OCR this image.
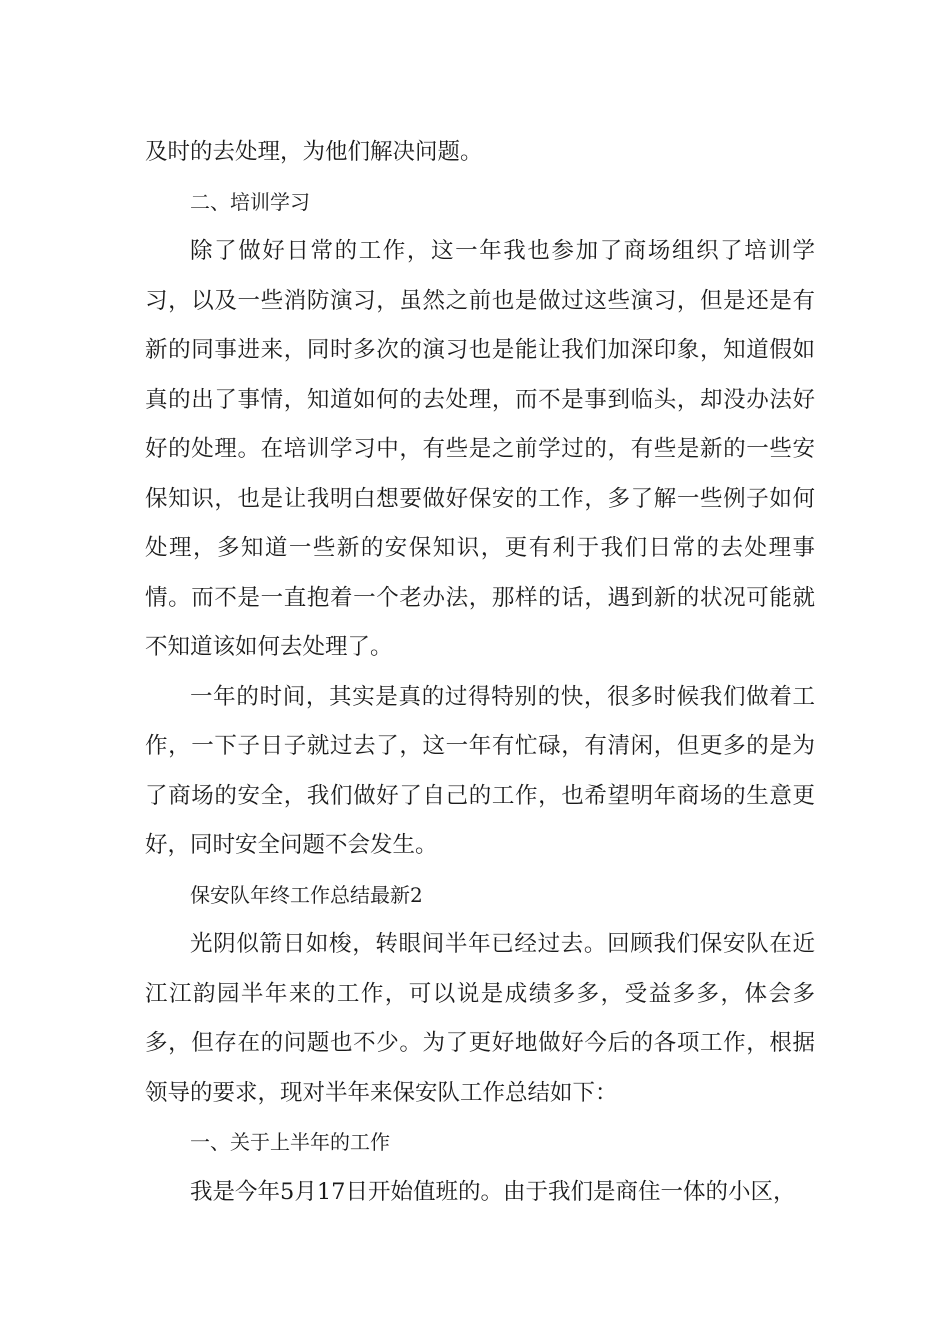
及时的去处理，为他们解决问题。

二、培训学习

除了做好日常的工作，这一年我也参加了商场组织了培训学习，以及一些消防演习，虽然之前也是做过这些演习，但是还是有新的同事进来，同时多次的演习也是能让我们加深印象，知道假如真的出了事情，知道如何的去处理，而不是事到临头，却没办法好好的处理。在培训学习中，有些是之前学过的，有些是新的一些安保知识，也是让我明白想要做好保安的工作，多了解一些例子如何处理，多知道一些新的安保知识，更有利于我们日常的去处理事情。而不是一直抱着一个老办法，那样的话，遇到新的状况可能就不知道该如何去处理了。

一年的时间，其实是真的过得特别的快，很多时候我们做着工作，一下子日子就过去了，这一年有忙碌，有清闲，但更多的是为了商场的安全，我们做好了自己的工作，也希望明年商场的生意更好，同时安全问题不会发生。

保安队年终工作总结最新2

光阴似箭日如梭，转眼间半年已经过去。回顾我们保安队在近江江韵园半年来的工作，可以说是成绩多多，受益多多，体会多多，但存在的问题也不少。为了更好地做好今后的各项工作，根据领导的要求，现对半年来保安队工作总结如下：

一、关于上半年的工作

我是今年5月17日开始值班的。由于我们是商住一体的小区，
